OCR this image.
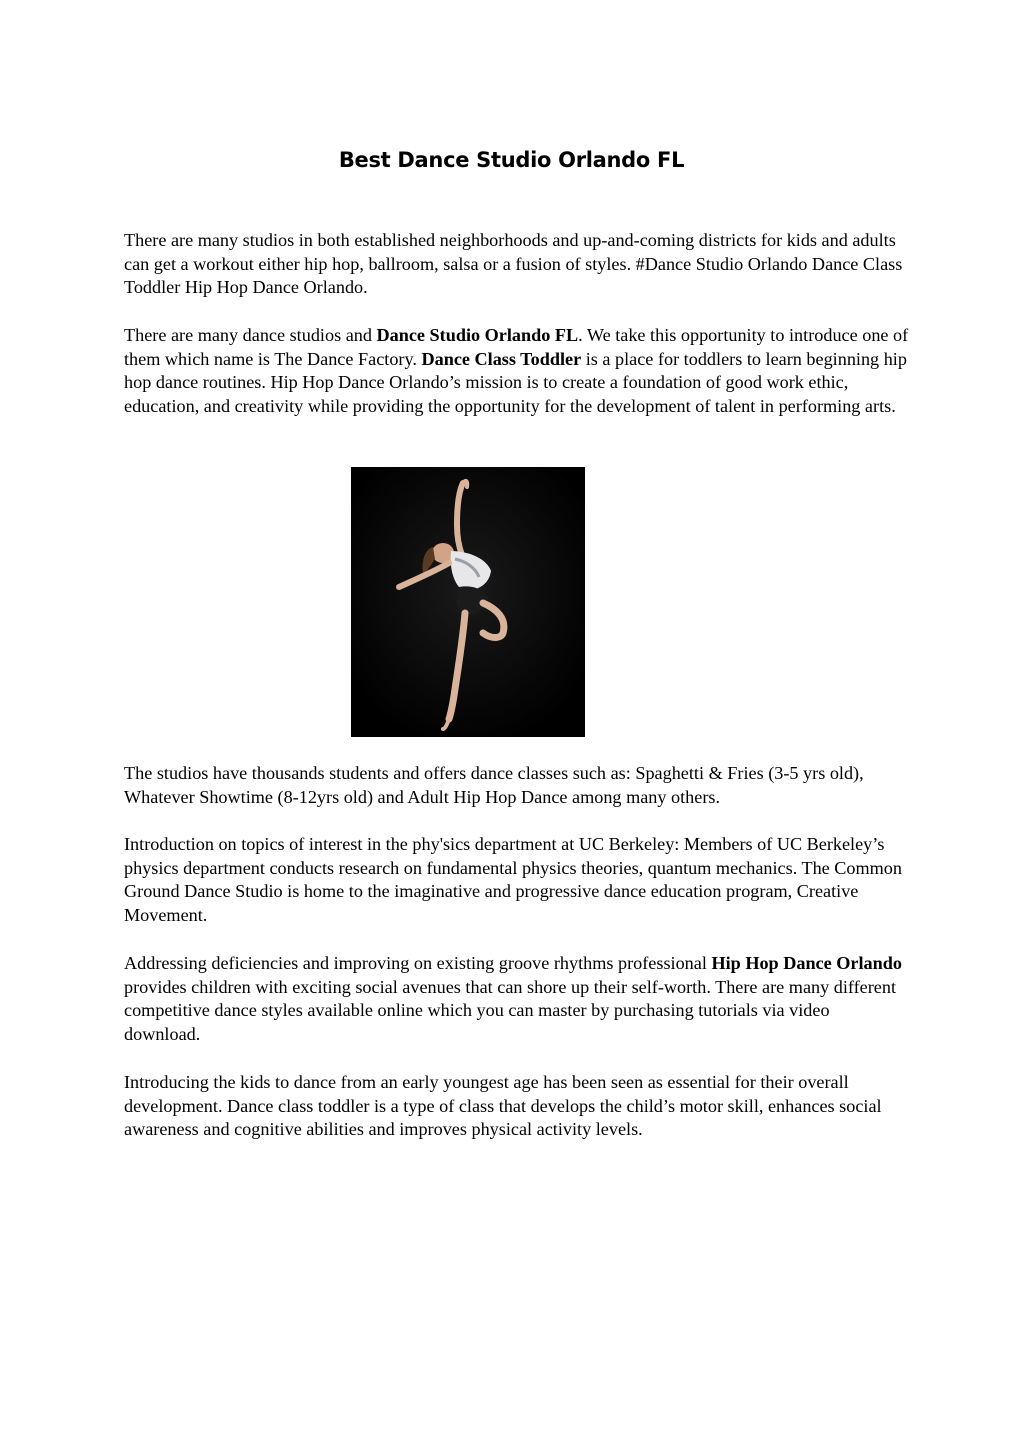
Best Dance Studio Orlando FL

There are many studios in both established neighborhoods and up-and-coming districts for kids and adults can get a workout either hip hop, ballroom, salsa or a fusion of styles. #Dance Studio Orlando Dance Class Toddler Hip Hop Dance Orlando.

There are many dance studios and Dance Studio Orlando FL. We take this opportunity to introduce one of them which name is The Dance Factory. Dance Class Toddler is a place for toddlers to learn beginning hip hop dance routines. Hip Hop Dance Orlando’s mission is to create a foundation of good work ethic, education, and creativity while providing the opportunity for the development of talent in performing arts.

The studios have thousands students and offers dance classes such as: Spaghetti & Fries (3-5 yrs old), Whatever Showtime (8-12yrs old) and Adult Hip Hop Dance among many others.

Introduction on topics of interest in the phy'sics department at UC Berkeley: Members of UC Berkeley’s physics department conducts research on fundamental physics theories, quantum mechanics. The Common Ground Dance Studio is home to the imaginative and progressive dance education program, Creative Movement.

Addressing deficiencies and improving on existing groove rhythms professional Hip Hop Dance Orlando provides children with exciting social avenues that can shore up their self-worth. There are many different competitive dance styles available online which you can master by purchasing tutorials via video download.

Introducing the kids to dance from an early youngest age has been seen as essential for their overall development. Dance class toddler is a type of class that develops the child’s motor skill, enhances social awareness and cognitive abilities and improves physical activity levels.
